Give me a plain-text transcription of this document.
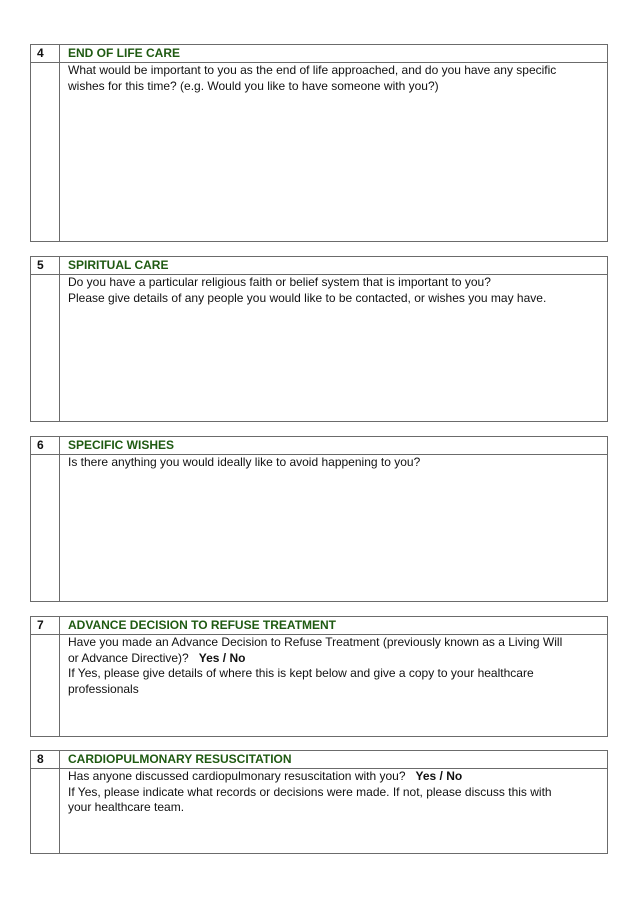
4	END OF LIFE CARE

What would be important to you as the end of life approached, and do you have any specific
wishes for this time? (e.g. Would you like to have someone with you?)

5	SPIRITUAL CARE

Do you have a particular religious faith or belief system that is important to you?
Please give details of any people you would like to be contacted, or wishes you may have.

6	SPECIFIC WISHES

Is there anything you would ideally like to avoid happening to you?

7	ADVANCE DECISION TO REFUSE TREATMENT

Have you made an Advance Decision to Refuse Treatment (previously known as a Living Will
or Advance Directive)? Yes / No
If Yes, please give details of where this is kept below and give a copy to your healthcare
professionals

8	CARDIOPULMONARY RESUSCITATION

Has anyone discussed cardiopulmonary resuscitation with you? Yes / No
If Yes, please indicate what records or decisions were made. If not, please discuss this with
your healthcare team.
